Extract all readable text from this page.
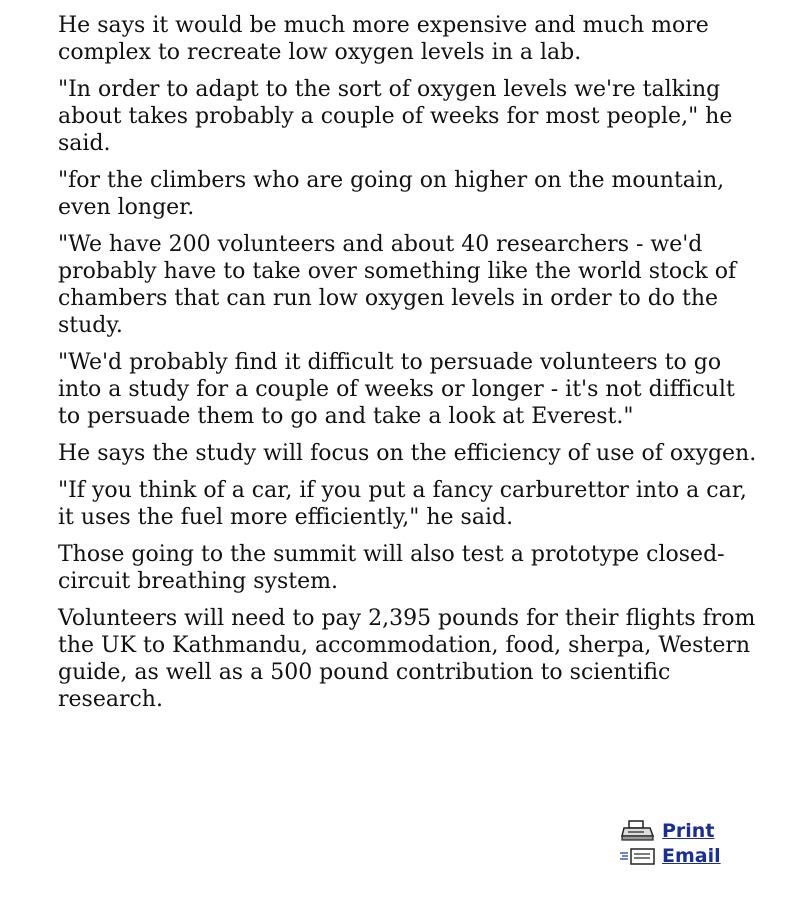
He says it would be much more expensive and much more complex to recreate low oxygen levels in a lab.

"In order to adapt to the sort of oxygen levels we're talking about takes probably a couple of weeks for most people," he said.

"for the climbers who are going on higher on the mountain, even longer.

"We have 200 volunteers and about 40 researchers - we'd probably have to take over something like the world stock of chambers that can run low oxygen levels in order to do the study.

"We'd probably find it difficult to persuade volunteers to go into a study for a couple of weeks or longer - it's not difficult to persuade them to go and take a look at Everest."

He says the study will focus on the efficiency of use of oxygen.

"If you think of a car, if you put a fancy carburettor into a car, it uses the fuel more efficiently," he said.

Those going to the summit will also test a prototype closed-circuit breathing system.

Volunteers will need to pay 2,395 pounds for their flights from the UK to Kathmandu, accommodation, food, sherpa, Western guide, as well as a 500 pound contribution to scientific research.

Print
Email
